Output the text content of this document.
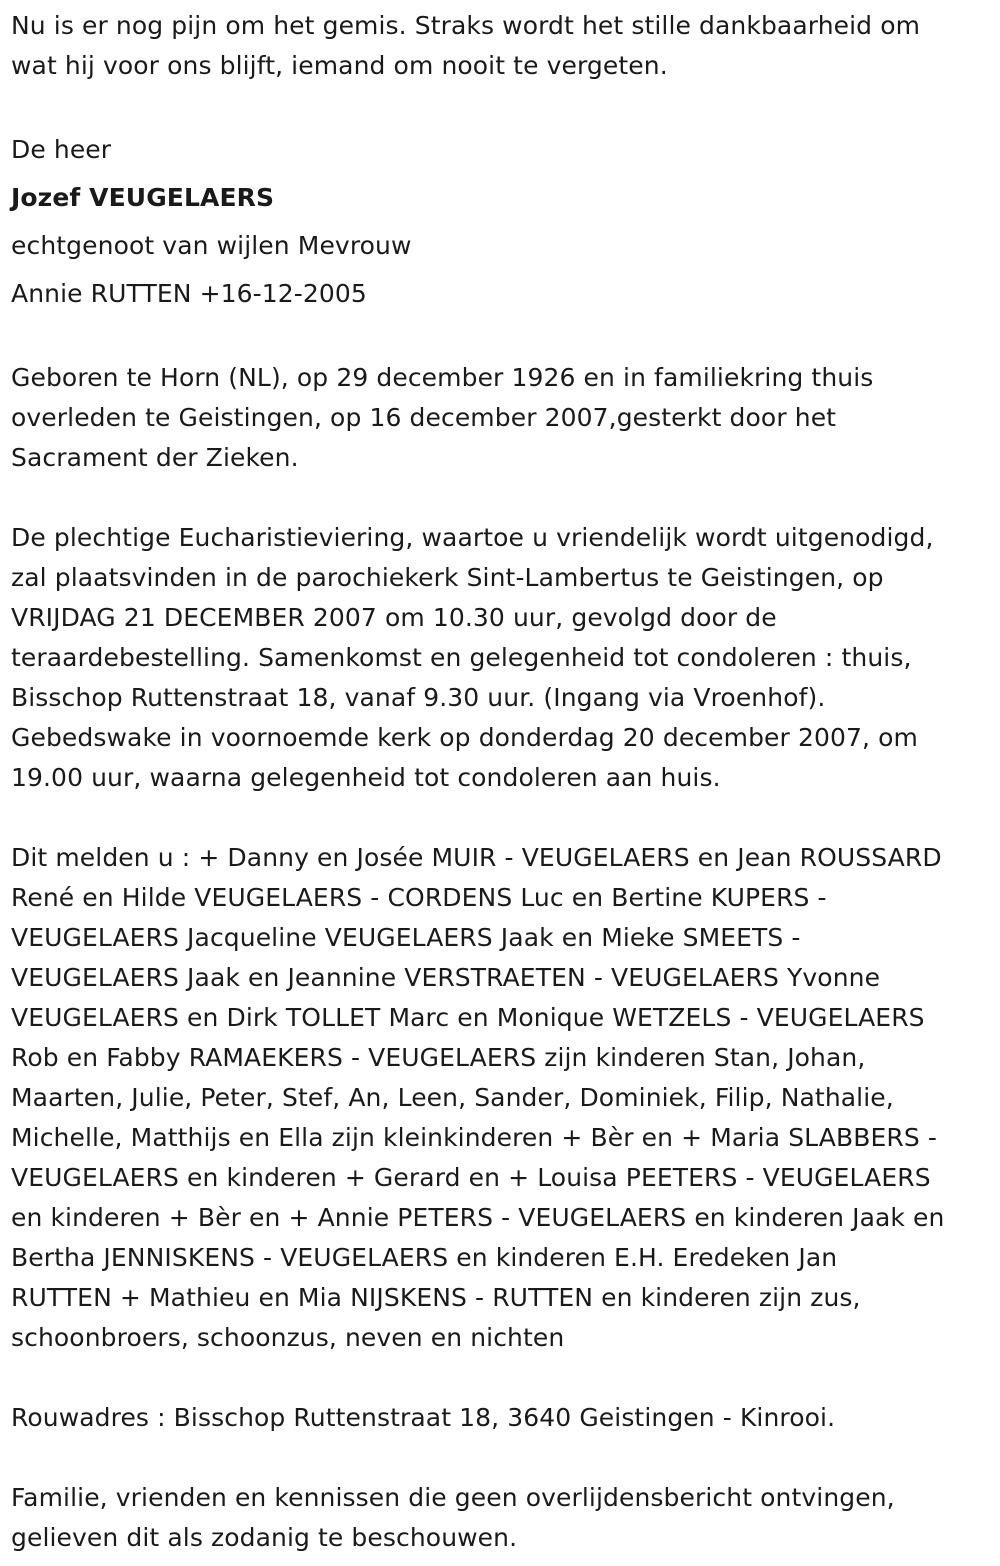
Nu is er nog pijn om het gemis. Straks wordt het stille dankbaarheid om
wat hij voor ons blijft, iemand om nooit te vergeten.

De heer
Jozef VEUGELAERS
echtgenoot van wijlen Mevrouw
Annie RUTTEN +16-12-2005

Geboren te Horn (NL), op 29 december 1926 en in familiekring thuis
overleden te Geistingen, op 16 december 2007,gesterkt door het
Sacrament der Zieken.

De plechtige Eucharistieviering, waartoe u vriendelijk wordt uitgenodigd,
zal plaatsvinden in de parochiekerk Sint-Lambertus te Geistingen, op
VRIJDAG 21 DECEMBER 2007 om 10.30 uur, gevolgd door de
teraardebestelling. Samenkomst en gelegenheid tot condoleren : thuis,
Bisschop Ruttenstraat 18, vanaf 9.30 uur. (Ingang via Vroenhof).
Gebedswake in voornoemde kerk op donderdag 20 december 2007, om
19.00 uur, waarna gelegenheid tot condoleren aan huis.

Dit melden u : + Danny en Josée MUIR - VEUGELAERS en Jean ROUSSARD
René en Hilde VEUGELAERS - CORDENS Luc en Bertine KUPERS -
VEUGELAERS Jacqueline VEUGELAERS Jaak en Mieke SMEETS -
VEUGELAERS Jaak en Jeannine VERSTRAETEN - VEUGELAERS Yvonne
VEUGELAERS en Dirk TOLLET Marc en Monique WETZELS - VEUGELAERS
Rob en Fabby RAMAEKERS - VEUGELAERS zijn kinderen Stan, Johan,
Maarten, Julie, Peter, Stef, An, Leen, Sander, Dominiek, Filip, Nathalie,
Michelle, Matthijs en Ella zijn kleinkinderen + Bèr en + Maria SLABBERS -
VEUGELAERS en kinderen + Gerard en + Louisa PEETERS - VEUGELAERS
en kinderen + Bèr en + Annie PETERS - VEUGELAERS en kinderen Jaak en
Bertha JENNISKENS - VEUGELAERS en kinderen E.H. Eredeken Jan
RUTTEN + Mathieu en Mia NIJSKENS - RUTTEN en kinderen zijn zus,
schoonbroers, schoonzus, neven en nichten

Rouwadres : Bisschop Ruttenstraat 18, 3640 Geistingen - Kinrooi.

Familie, vrienden en kennissen die geen overlijdensbericht ontvingen,
gelieven dit als zodanig te beschouwen.
